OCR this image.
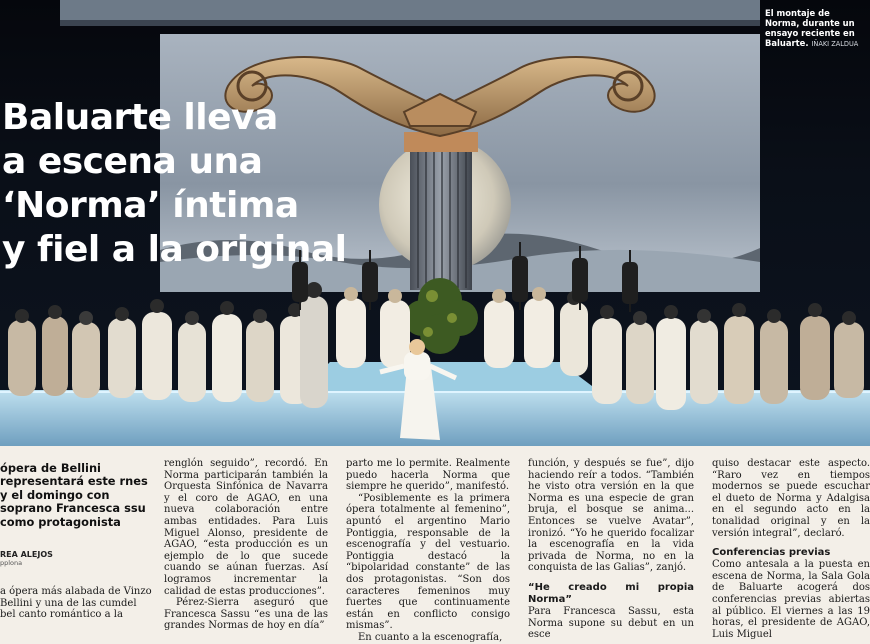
Baluarte lleva
a escena una
‘Norma’ íntima
y fiel a la original
El montaje de Norma, durante un ensayo reciente en Baluarte. IÑAKI ZALDUA

ópera de Bellini representará este rnes y el domingo con soprano Francesca ssu como protagonista

REA ALEJOS
pplona

a ópera más alabada de Vinzo Bellini y una de las cumdel bel canto romántico a la

renglón seguido”, recordó. En Norma participarán también la Orquesta Sinfónica de Navarra y el coro de AGAO, en una nueva colaboración entre ambas entidades. Para Luis Miguel Alonso, presidente de AGAO, “esta producción es un ejemplo de lo que sucede cuando se aúnan fuerzas. Así logramos incrementar la calidad de estas producciones”.

Pérez-Sierra aseguró que Francesca Sassu “es una de las grandes Normas de hoy en día”

parto me lo permite. Realmente puedo hacerla Norma que siempre he querido”, manifestó.

“Posiblemente es la primera ópera totalmente al femenino”, apuntó el argentino Mario Pontiggia, responsable de la escenografía y del vestuario. Pontiggia destacó la “bipolaridad constante” de las dos protagonistas. “Son dos caracteres femeninos muy fuertes que continuamente están en conflicto consigo mismas”.

En cuanto a la escenografía,

función, y después se fue”, dijo haciendo reír a todos. “También he visto otra versión en la que Norma es una especie de gran bruja, el bosque se anima... Entonces se vuelve Avatar”, ironizó. “Yo he querido focalizar la escenografía en la vida privada de Norma, no en la conquista de las Galias”, zanjó.

“He creado mi propia Norma”

Para Francesca Sassu, esta Norma supone su debut en un esce

quiso destacar este aspecto. “Raro vez en tiempos modernos se puede escuchar el dueto de Norma y Adalgisa en el segundo acto en la tonalidad original y en la versión integral”, declaró.

Conferencias previas

Como antesala a la puesta en escena de Norma, la Sala Gola de Baluarte acogerá dos conferencias previas abiertas al público. El viernes a las 19 horas, el presidente de AGAO, Luis Miguel
